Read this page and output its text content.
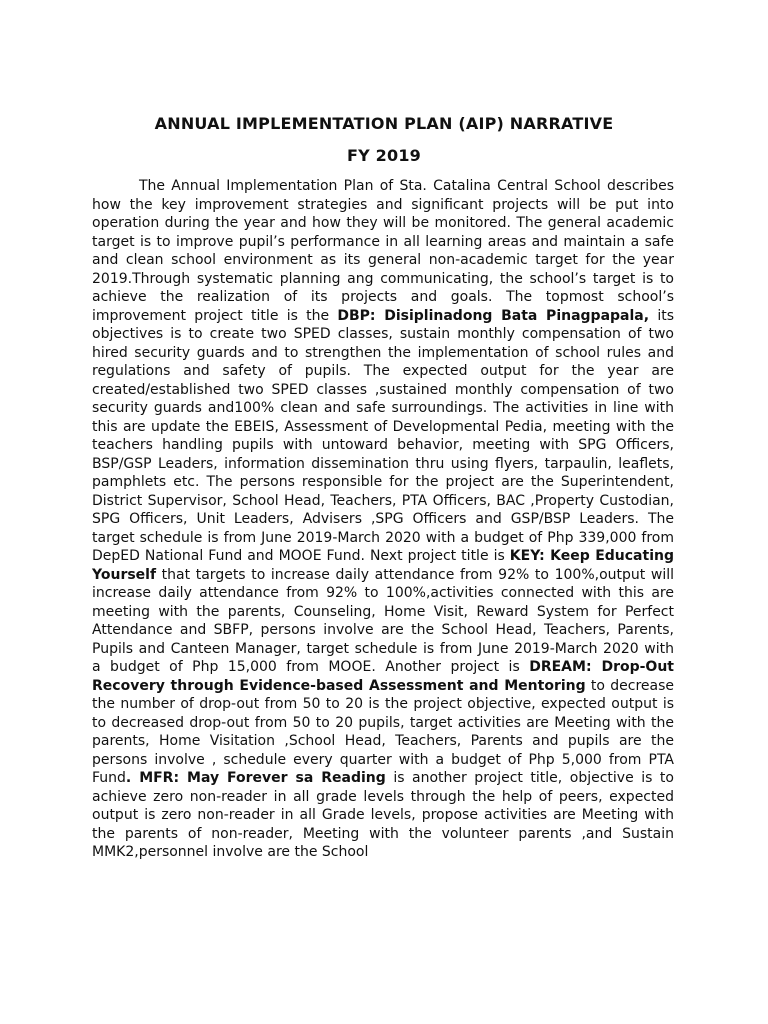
ANNUAL IMPLEMENTATION PLAN (AIP) NARRATIVE
FY 2019

The Annual Implementation Plan of Sta. Catalina Central School describes how the key improvement strategies and significant projects will be put into operation during the year and how they will be monitored. The general academic target is to improve pupil’s performance in all learning areas and maintain a safe and clean school environment as its general non-academic target for the year 2019.Through systematic planning ang communicating, the school’s target is to achieve the realization of its projects and goals. The topmost school’s improvement project title is the DBP: Disiplinadong Bata Pinagpapala, its objectives is to create two SPED classes, sustain monthly compensation of two hired security guards and to strengthen the implementation of school rules and regulations and safety of pupils. The expected output for the year are created/established two SPED classes ,sustained monthly compensation of two security guards and100% clean and safe surroundings. The activities in line with this are update the EBEIS, Assessment of Developmental Pedia, meeting with the teachers handling pupils with untoward behavior, meeting with SPG Officers, BSP/GSP Leaders, information dissemination thru using flyers, tarpaulin, leaflets, pamphlets etc. The persons responsible for the project are the Superintendent, District Supervisor, School Head, Teachers, PTA Officers, BAC ,Property Custodian, SPG Officers, Unit Leaders, Advisers ,SPG Officers and GSP/BSP Leaders. The target schedule is from June 2019-March 2020 with a budget of Php 339,000 from DepED National Fund and MOOE Fund. Next project title is KEY: Keep Educating Yourself that targets to increase daily attendance from 92% to 100%,output will increase daily attendance from 92% to 100%,activities connected with this are meeting with the parents, Counseling, Home Visit, Reward System for Perfect Attendance and SBFP, persons involve are the School Head, Teachers, Parents, Pupils and Canteen Manager, target schedule is from June 2019-March 2020 with a budget of Php 15,000 from MOOE. Another project is DREAM: Drop-Out Recovery through Evidence-based Assessment and Mentoring to decrease the number of drop-out from 50 to 20 is the project objective, expected output is to decreased drop-out from 50 to 20 pupils, target activities are Meeting with the parents, Home Visitation ,School Head, Teachers, Parents and pupils are the persons involve , schedule every quarter with a budget of Php 5,000 from PTA Fund. MFR: May Forever sa Reading is another project title, objective is to achieve zero non-reader in all grade levels through the help of peers, expected output is zero non-reader in all Grade levels, propose activities are Meeting with the parents of non-reader, Meeting with the volunteer parents ,and Sustain MMK2,personnel involve are the School
